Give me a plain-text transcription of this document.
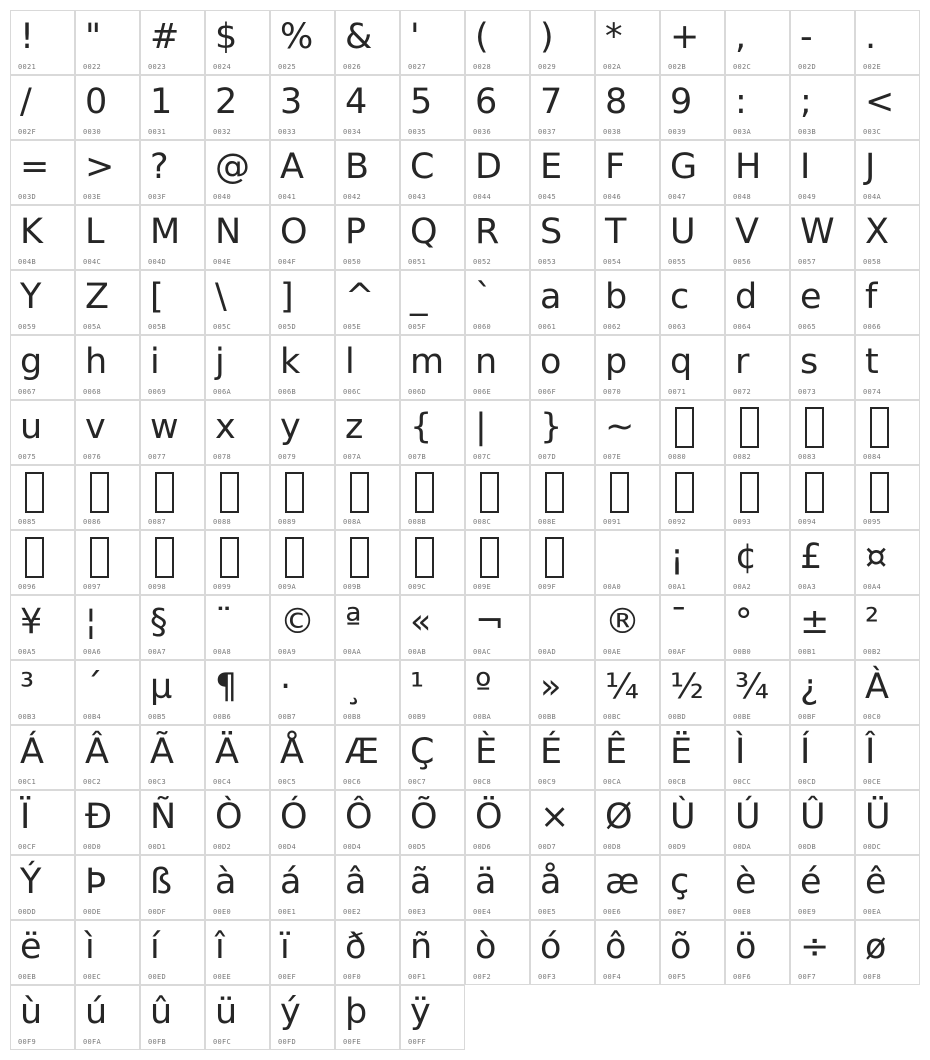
!
0021
"
0022
#
0023
$
0024
%
0025
&
0026
'
0027
(
0028
)
0029
*
002A
+
002B
,
002C
-
002D
.
002E
/
002F
0
0030
1
0031
2
0032
3
0033
4
0034
5
0035
6
0036
7
0037
8
0038
9
0039
:
003A
;
003B
<
003C
=
003D
>
003E
?
003F
@
0040
A
0041
B
0042
C
0043
D
0044
E
0045
F
0046
G
0047
H
0048
I
0049
J
004A
K
004B
L
004C
M
004D
N
004E
O
004F
P
0050
Q
0051
R
0052
S
0053
T
0054
U
0055
V
0056
W
0057
X
0058
Y
0059
Z
005A
[
005B
\
005C
]
005D
^
005E
_
005F
`
0060
a
0061
b
0062
c
0063
d
0064
e
0065
f
0066
g
0067
h
0068
i
0069
j
006A
k
006B
l
006C
m
006D
n
006E
o
006F
p
0070
q
0071
r
0072
s
0073
t
0074
u
0075
v
0076
w
0077
x
0078
y
0079
z
007A
{
007B
|
007C
}
007D
~
007E	0080	0082	0083	0084
0085	0086	0087	0088	0089	008A	008B	008C	008E	0091	0092	0093	0094	0095
0096	0097	0098	0099	009A	009B	009C	009E	009F
	00A0
¡
00A1
¢
00A2
£
00A3
¤
00A4
¥
00A5
¦
00A6
§
00A7
¨
00A8
©
00A9
ª
00AA
«
00AB
¬
00AC	00AD
®
00AE
¯
00AF
°
00B0
±
00B1
²
00B2
³
00B3
´
00B4
µ
00B5
¶
00B6
·
00B7
¸
00B8
¹
00B9
º
00BA
»
00BB
¼
00BC
½
00BD
¾
00BE
¿
00BF
À
00C0
Á
00C1
Â
00C2
Ã
00C3
Ä
00C4
Å
00C5
Æ
00C6
Ç
00C7
È
00C8
É
00C9
Ê
00CA
Ë
00CB
Ì
00CC
Í
00CD
Î
00CE
Ï
00CF
Ð
00D0
Ñ
00D1
Ò
00D2
Ó
00D4
Ô
00D4
Õ
00D5
Ö
00D6
×
00D7
Ø
00D8
Ù
00D9
Ú
00DA
Û
00DB
Ü
00DC
Ý
00DD
Þ
00DE
ß
00DF
à
00E0
á
00E1
â
00E2
ã
00E3
ä
00E4
å
00E5
æ
00E6
ç
00E7
è
00E8
é
00E9
ê
00EA
ë
00EB
ì
00EC
í
00ED
î
00EE
ï
00EF
ð
00F0
ñ
00F1
ò
00F2
ó
00F3
ô
00F4
õ
00F5
ö
00F6
÷
00F7
ø
00F8
ù
00F9
ú
00FA
û
00FB
ü
00FC
ý
00FD
þ
00FE
ÿ
00FF
